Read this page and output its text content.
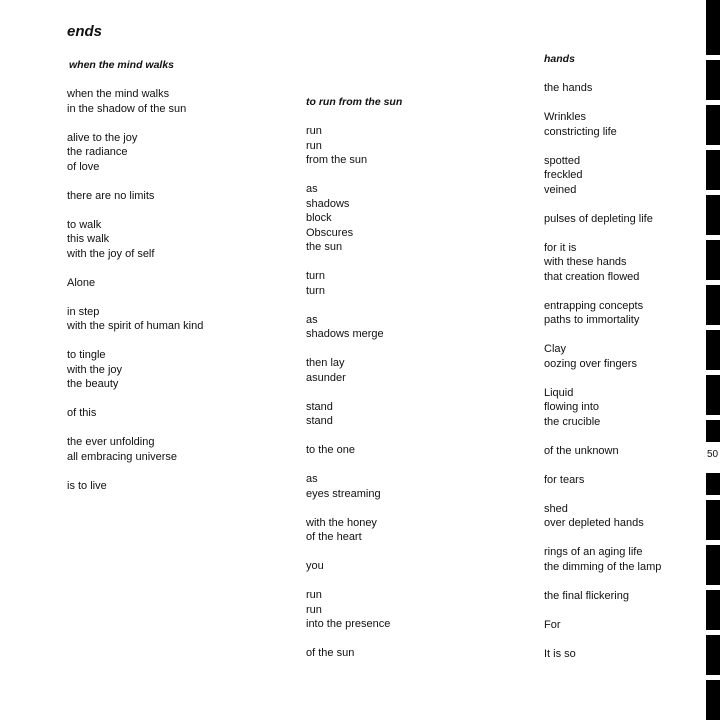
ends
when the mind walks
when the mind walks
in the shadow of the sun
alive to the joy
the radiance
of love
there are no limits
to walk
this walk
with the joy of self
Alone
in step
with the spirit of human kind
to tingle
with the joy
the beauty
of this
the ever unfolding
all embracing universe
is to live
to run from the sun
run
run
from the sun
as
shadows
block
Obscures
the sun
turn
turn
as
shadows merge
then lay
asunder
stand
stand
to the one
as
eyes streaming
with the honey
of the heart
you
run
run
into the presence
of the sun
hands
the hands
Wrinkles
constricting life
spotted
freckled
veined
pulses of depleting life
for it is
with these hands
that creation flowed
entrapping concepts
paths to immortality
Clay
oozing over fingers
Liquid
flowing into
the crucible
of the unknown
for tears
shed
over depleted hands
rings of an aging life
the dimming of the lamp
the final flickering
For
It is so
50
